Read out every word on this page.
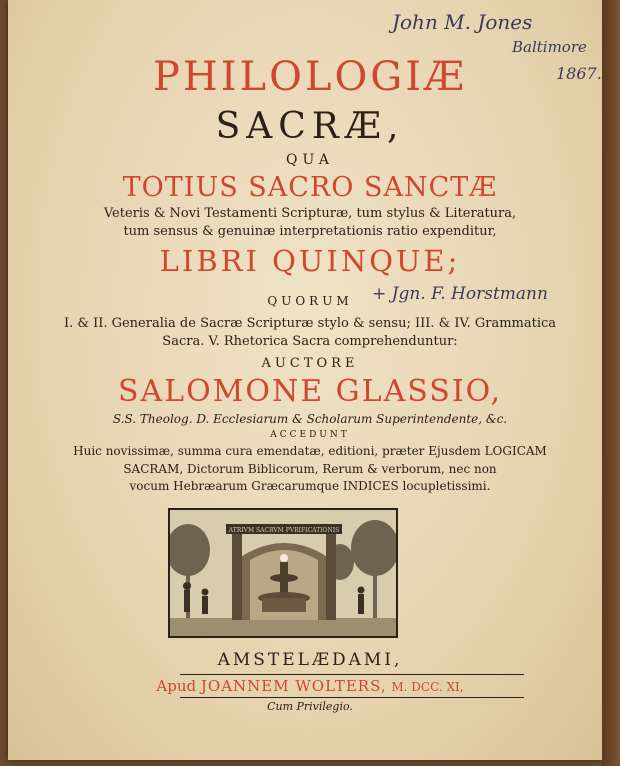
John M. Jones
Baltimore
1867.
+ Jgn. F. Horstmann
PHILOLOGIÆ
SACRÆ,
QUA
TOTIUS SACRO SANCTÆ
Veteris & Novi Testamenti Scripturæ, tum stylus & Literatura,
tum sensus & genuinæ interpretationis ratio expenditur,
LIBRI QUINQUE;
QUORUM
I. & II. Generalia de Sacræ Scripturæ stylo & sensu; III. & IV. Grammatica
Sacra. V. Rhetorica Sacra comprehenduntur:
AUCTORE
SALOMONE GLASSIO,
S.S. Theolog. D. Ecclesiarum & Scholarum Superintendente, &c.
ACCEDUNT
Huic novissimæ, summa cura emendatæ, editioni, præter Ejusdem LOGICAM
SACRAM, Dictorum Biblicorum, Rerum & verborum, nec non
vocum Hebræarum Græcarumque INDICES locupletissimi.
ATRIVM SACRVM PVRIFICATIONIS
AMSTELÆDAMI,
Apud JOANNEM WOLTERS, M. DCC. XI,
Cum Privilegio.
